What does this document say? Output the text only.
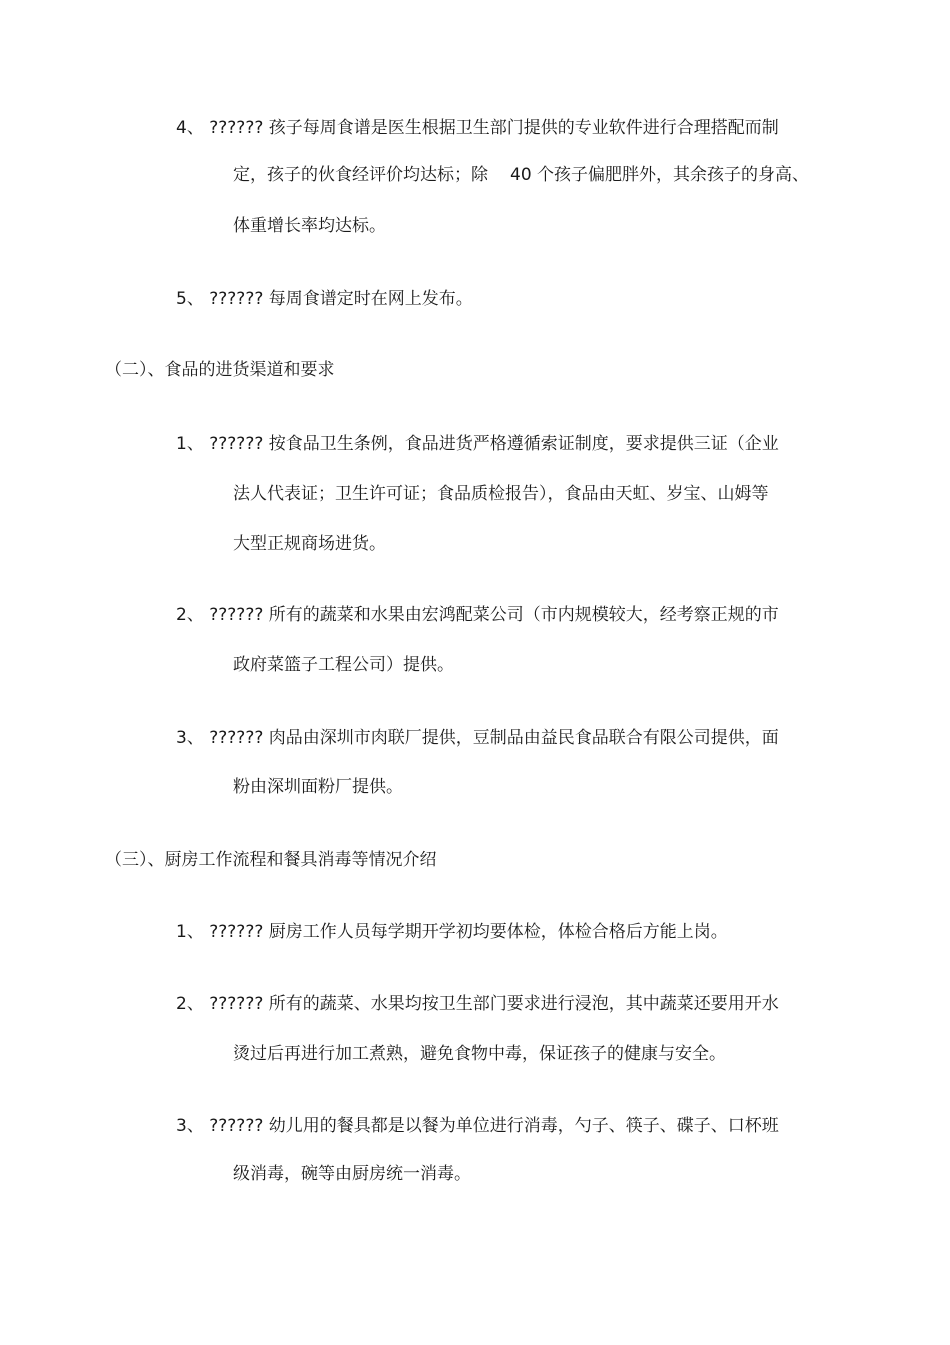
4、 ?????? 孩子每周食谱是医生根据卫生部门提供的专业软件进行合理搭配而制
定，孩子的伙食经评价均达标；除 40 个孩子偏肥胖外，其余孩子的身高、
体重增长率均达标。
5、 ?????? 每周食谱定时在网上发布。
（二）、食品的进货渠道和要求
1、 ?????? 按食品卫生条例，食品进货严格遵循索证制度，要求提供三证（企业
法人代表证；卫生许可证；食品质检报告），食品由天虹、岁宝、山姆等
大型正规商场进货。
2、 ?????? 所有的蔬菜和水果由宏鸿配菜公司（市内规模较大，经考察正规的市
政府菜篮子工程公司）提供。
3、 ?????? 肉品由深圳市肉联厂提供，豆制品由益民食品联合有限公司提供，面
粉由深圳面粉厂提供。
（三）、厨房工作流程和餐具消毒等情况介绍
1、 ?????? 厨房工作人员每学期开学初均要体检，体检合格后方能上岗。
2、 ?????? 所有的蔬菜、水果均按卫生部门要求进行浸泡，其中蔬菜还要用开水
烫过后再进行加工煮熟，避免食物中毒，保证孩子的健康与安全。
3、 ?????? 幼儿用的餐具都是以餐为单位进行消毒，勺子、筷子、碟子、口杯班
级消毒，碗等由厨房统一消毒。
